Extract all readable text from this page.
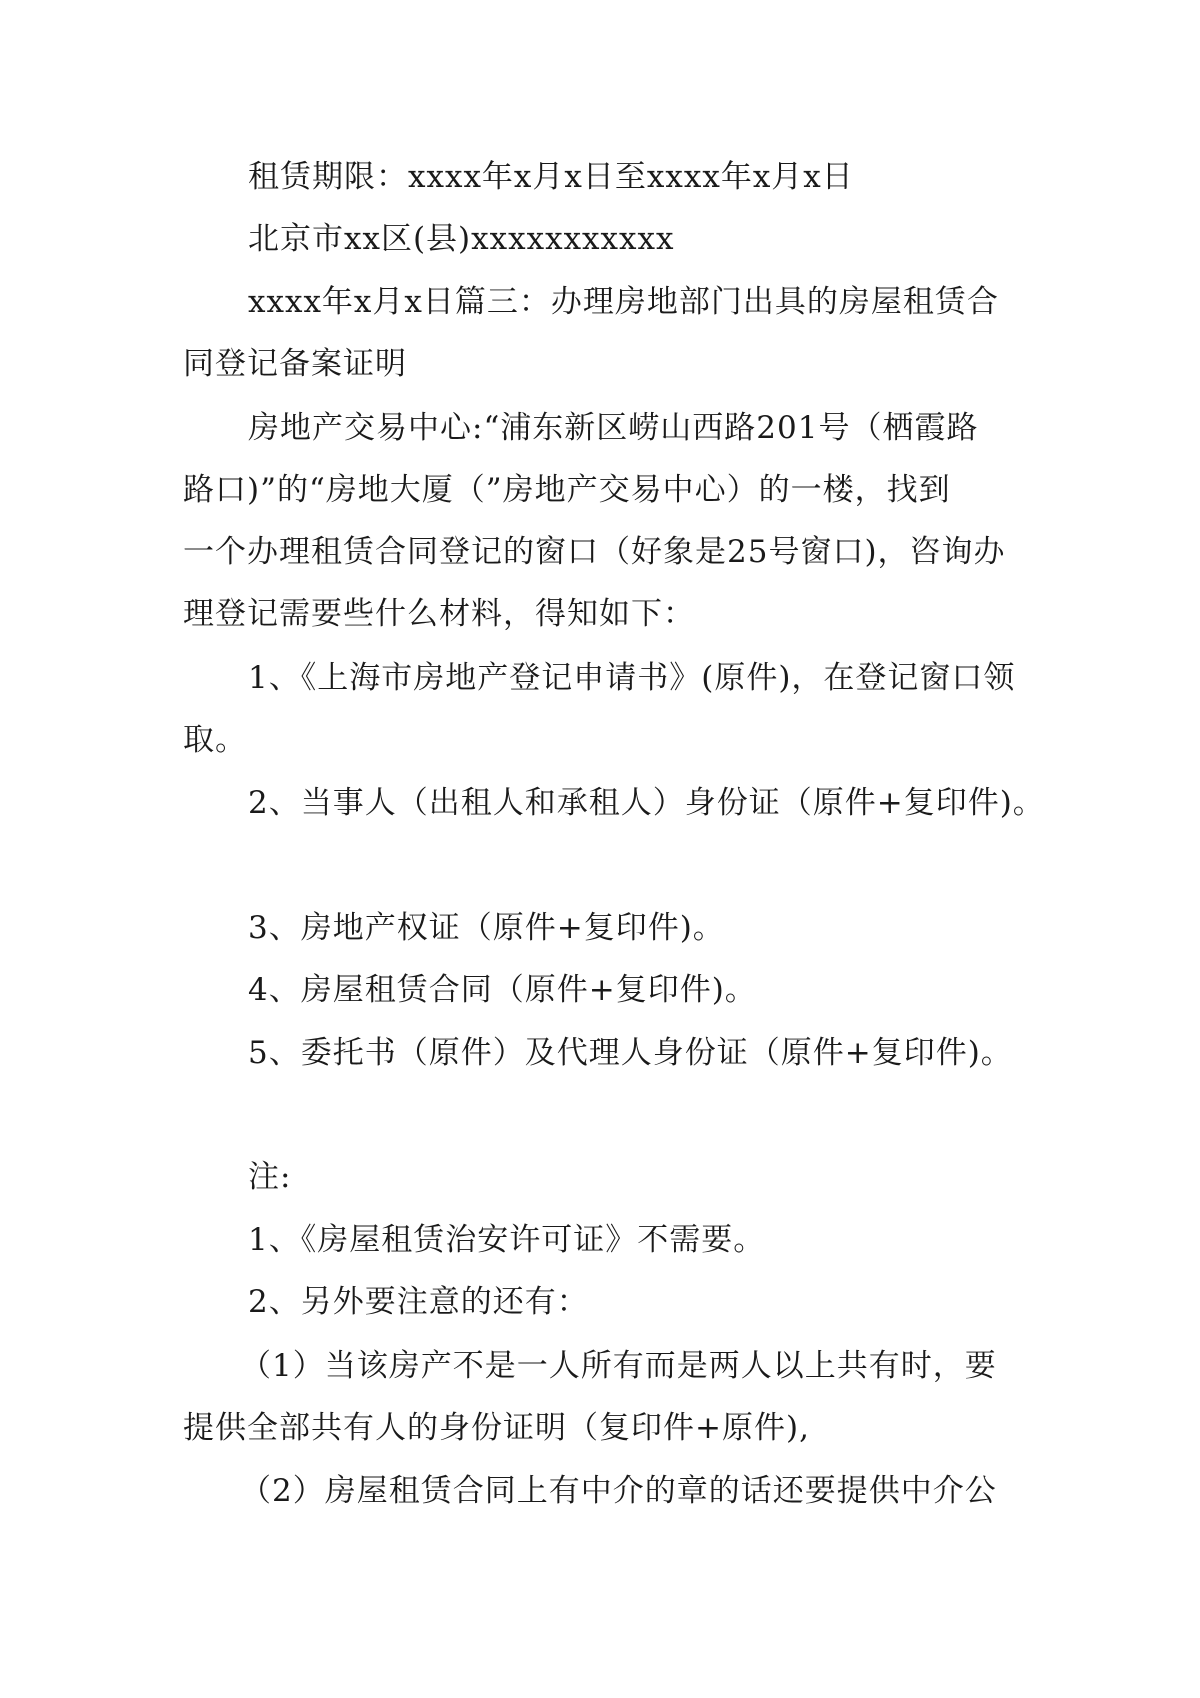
租赁期限：xxxx年x月x日至xxxx年x月x日

北京市xx区(县)xxxxxxxxxxx

xxxx年x月x日篇三：办理房地部门出具的房屋租赁合

同登记备案证明

房地产交易中心:“浦东新区崂山西路201号（栖霞路

路口)”的“房地大厦（”房地产交易中心）的一楼，找到

一个办理租赁合同登记的窗口（好象是25号窗口)，咨询办

理登记需要些什么材料，得知如下：

1、《上海市房地产登记申请书》(原件)，在登记窗口领

取。

2、当事人（出租人和承租人）身份证（原件+复印件)。

3、房地产权证（原件+复印件)。

4、房屋租赁合同（原件+复印件)。

5、委托书（原件）及代理人身份证（原件+复印件)。

注:

1、《房屋租赁治安许可证》不需要。

2、另外要注意的还有：

（1）当该房产不是一人所有而是两人以上共有时，要

提供全部共有人的身份证明（复印件+原件),

（2）房屋租赁合同上有中介的章的话还要提供中介公
